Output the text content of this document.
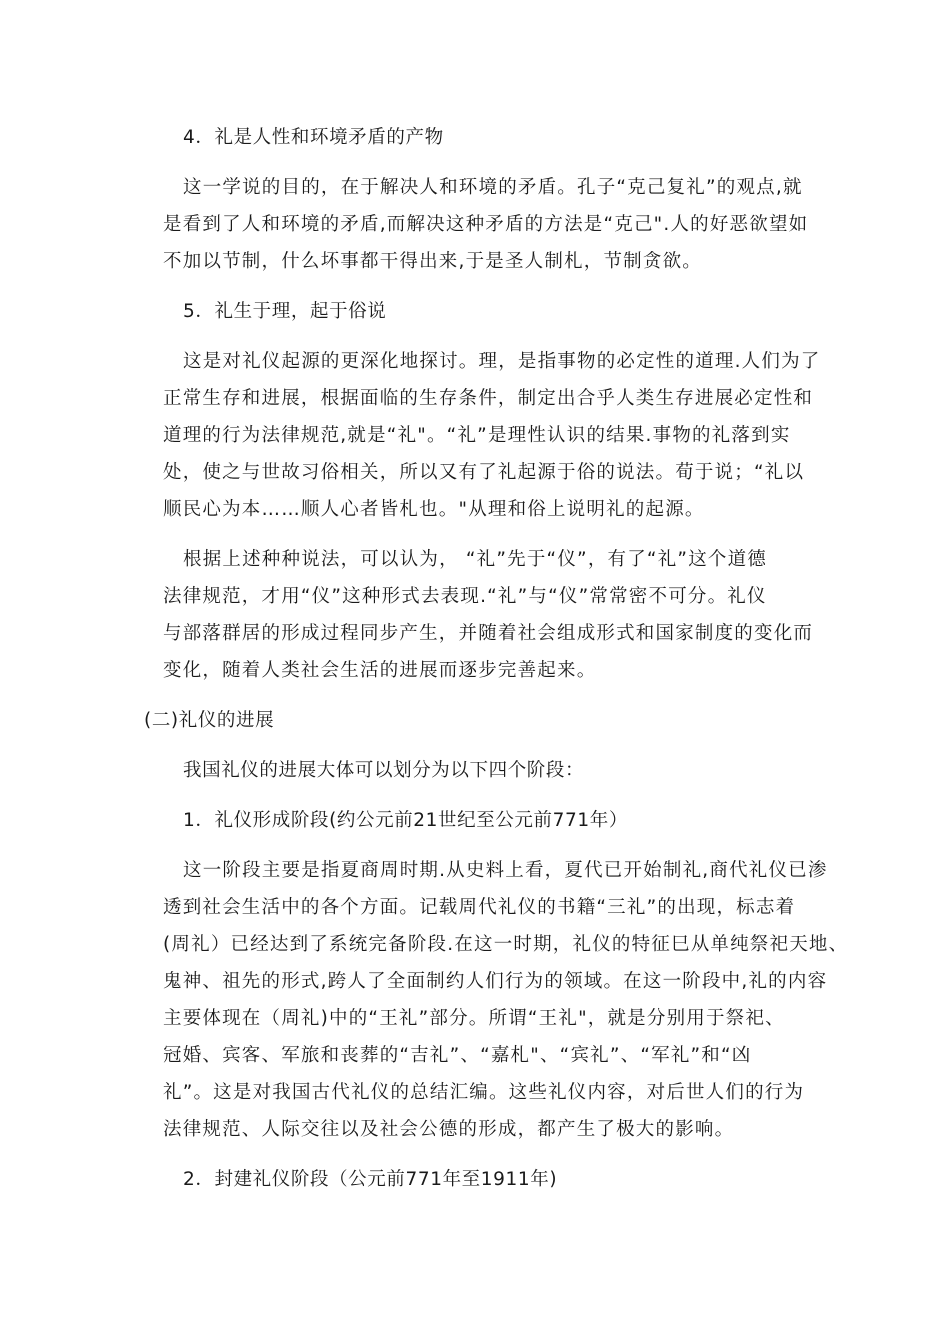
4．礼是人性和环境矛盾的产物
这一学说的目的，在于解决人和环境的矛盾。孔子“克己复礼”的观点,就
是看到了人和环境的矛盾,而解决这种矛盾的方法是“克己".人的好恶欲望如
不加以节制，什么坏事都干得出来,于是圣人制札，节制贪欲。
5．礼生于理，起于俗说
这是对礼仪起源的更深化地探讨。理，是指事物的必定性的道理.人们为了
正常生存和进展，根据面临的生存条件，制定出合乎人类生存进展必定性和
道理的行为法律规范,就是“礼"。“礼”是理性认识的结果.事物的礼落到实
处，使之与世故习俗相关，所以又有了礼起源于俗的说法。荀于说；“礼以
顺民心为本……顺人心者皆札也。"从理和俗上说明礼的起源。
根据上述种种说法，可以认为， “礼”先于“仪”，有了“礼”这个道德
法律规范，才用“仪”这种形式去表现.“礼”与“仪”常常密不可分。礼仪
与部落群居的形成过程同步产生，并随着社会组成形式和国家制度的变化而
变化，随着人类社会生活的进展而逐步完善起来。
(二)礼仪的进展
我国礼仪的进展大体可以划分为以下四个阶段：
1．礼仪形成阶段(约公元前21世纪至公元前771年）
这一阶段主要是指夏商周时期.从史料上看，夏代已开始制礼,商代礼仪已渗
透到社会生活中的各个方面。记载周代礼仪的书籍“三礼”的出现，标志着
(周礼）已经达到了系统完备阶段.在这一时期，礼仪的特征巳从单纯祭祀天地、
鬼神、祖先的形式,跨人了全面制约人们行为的领域。在这一阶段中,礼的内容
主要体现在（周礼)中的“王礼”部分。所谓“王礼"，就是分别用于祭祀、
冠婚、宾客、军旅和丧葬的“吉礼”、“嘉札"、“宾礼”、“军礼”和“凶
礼”。这是对我国古代礼仪的总结汇编。这些礼仪内容，对后世人们的行为
法律规范、人际交往以及社会公德的形成，都产生了极大的影响。
2．封建礼仪阶段（公元前771年至1911年)
